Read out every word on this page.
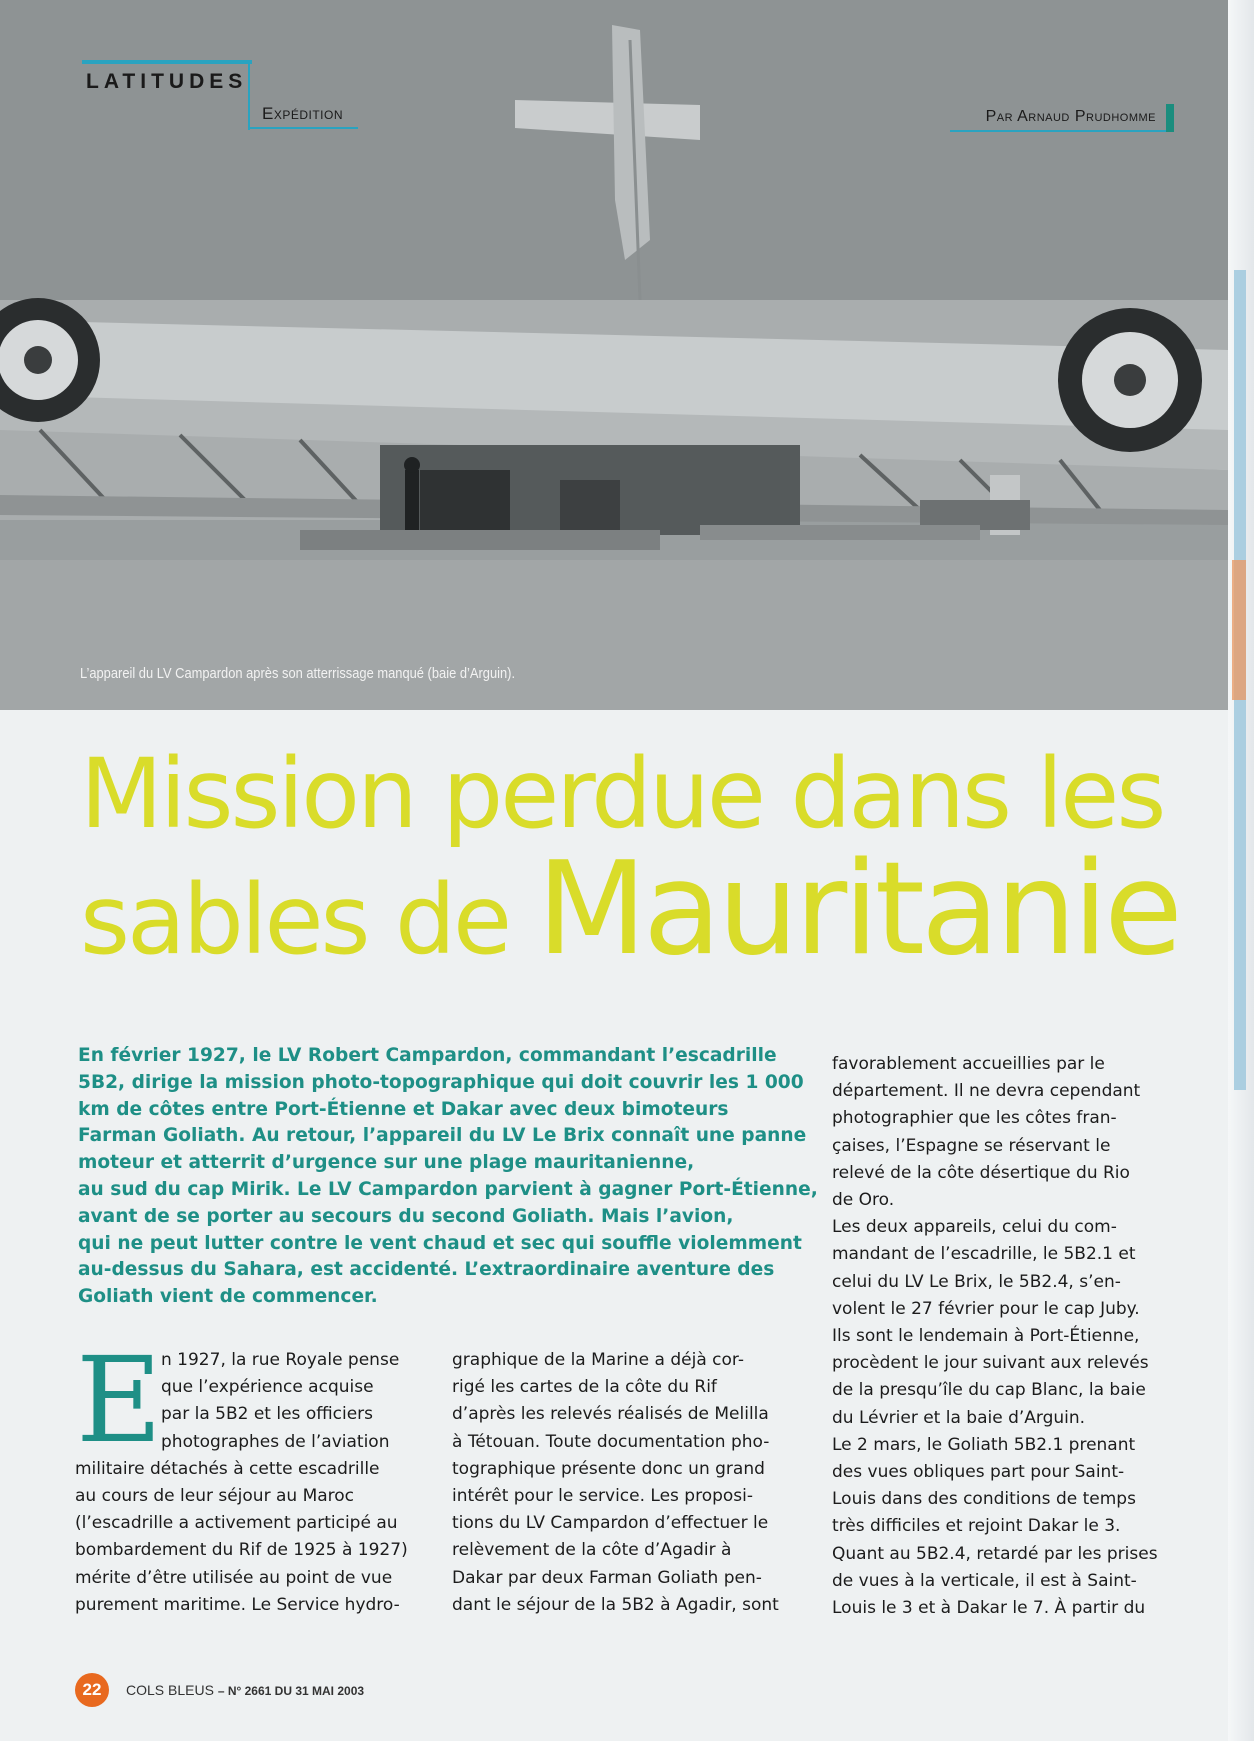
L’appareil du LV Campardon après son atterrissage manqué (baie d’Arguin).
LATITUDES
Expédition	Par Arnaud Prudhomme
Mission perdue dans les
sables de Mauritanie
En février 1927, le LV Robert Campardon, commandant l’escadrille
5B2, dirige la mission photo-topographique qui doit couvrir les 1 000
km de côtes entre Port-Étienne et Dakar avec deux bimoteurs
Farman Goliath. Au retour, l’appareil du LV Le Brix connaît une panne
moteur et atterrit d’urgence sur une plage mauritanienne,
au sud du cap Mirik. Le LV Campardon parvient à gagner Port-Étienne,
avant de se porter au secours du second Goliath. Mais l’avion,
qui ne peut lutter contre le vent chaud et sec qui souffle violemment
au-dessus du Sahara, est accidenté. L’extraordinaire aventure des
Goliath vient de commencer.
E
n 1927, la rue Royale pense
que l’expérience acquise
par la 5B2 et les officiers
photographes de l’aviation
militaire détachés à cette escadrille
au cours de leur séjour au Maroc
(l’escadrille a activement participé au
bombardement du Rif de 1925 à 1927)
mérite d’être utilisée au point de vue
purement maritime. Le Service hydro-
graphique de la Marine a déjà cor-
rigé les cartes de la côte du Rif
d’après les relevés réalisés de Melilla
à Tétouan. Toute documentation pho-
tographique présente donc un grand
intérêt pour le service. Les proposi-
tions du LV Campardon d’effectuer le
relèvement de la côte d’Agadir à
Dakar par deux Farman Goliath pen-
dant le séjour de la 5B2 à Agadir, sont
favorablement accueillies par le
département. Il ne devra cependant
photographier que les côtes fran-
çaises, l’Espagne se réservant le
relevé de la côte désertique du Rio
de Oro.
Les deux appareils, celui du com-
mandant de l’escadrille, le 5B2.1 et
celui du LV Le Brix, le 5B2.4, s’en-
volent le 27 février pour le cap Juby.
Ils sont le lendemain à Port-Étienne,
procèdent le jour suivant aux relevés
de la presqu’île du cap Blanc, la baie
du Lévrier et la baie d’Arguin.
Le 2 mars, le Goliath 5B2.1 prenant
des vues obliques part pour Saint-
Louis dans des conditions de temps
très difficiles et rejoint Dakar le 3.
Quant au 5B2.4, retardé par les prises
de vues à la verticale, il est à Saint-
Louis le 3 et à Dakar le 7. À partir du
22	COLS BLEUS – N° 2661 DU 31 MAI 2003
